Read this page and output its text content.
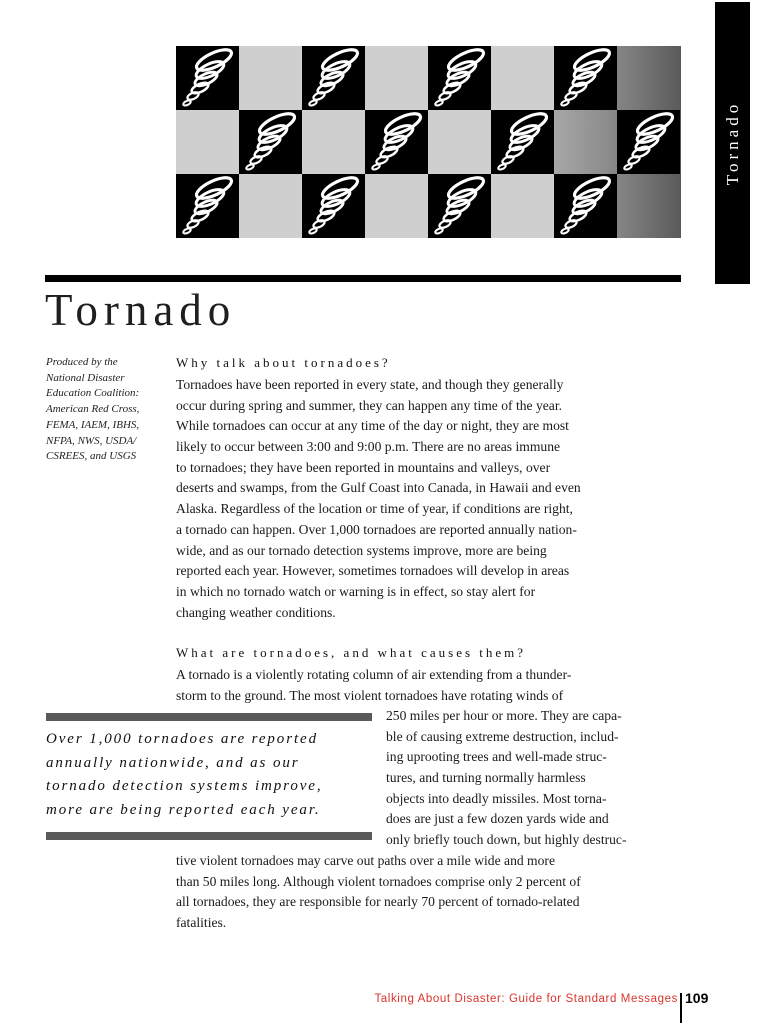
Tornado
Tornado
Produced by the
National Disaster
Education Coalition:
American Red Cross,
FEMA, IAEM, IBHS,
NFPA, NWS, USDA/
CSREES, and USGS
Why talk about tornadoes?
Tornadoes have been reported in every state, and though they generally
occur during spring and summer, they can happen any time of the year.
While tornadoes can occur at any time of the day or night, they are most
likely to occur between 3:00 and 9:00 p.m. There are no areas immune
to tornadoes; they have been reported in mountains and valleys, over
deserts and swamps, from the Gulf Coast into Canada, in Hawaii and even
Alaska. Regardless of the location or time of year, if conditions are right,
a tornado can happen. Over 1,000 tornadoes are reported annually nation-
wide, and as our tornado detection systems improve, more are being
reported each year. However, sometimes tornadoes will develop in areas
in which no tornado watch or warning is in effect, so stay alert for
changing weather conditions.
What are tornadoes, and what causes them?
A tornado is a violently rotating column of air extending from a thunder-
storm to the ground. The most violent tornadoes have rotating winds of
250 miles per hour or more. They are capa-
ble of causing extreme destruction, includ-
ing uprooting trees and well-made struc-
tures, and turning normally harmless
objects into deadly missiles. Most torna-
does are just a few dozen yards wide and
only briefly touch down, but highly destruc-
tive violent tornadoes may carve out paths over a mile wide and more
than 50 miles long. Although violent tornadoes comprise only 2 percent of
all tornadoes, they are responsible for nearly 70 percent of tornado-related
fatalities.
Over 1,000 tornadoes are reported
annually nationwide, and as our
tornado detection systems improve,
more are being reported each year.
Talking About Disaster: Guide for Standard Messages 109
